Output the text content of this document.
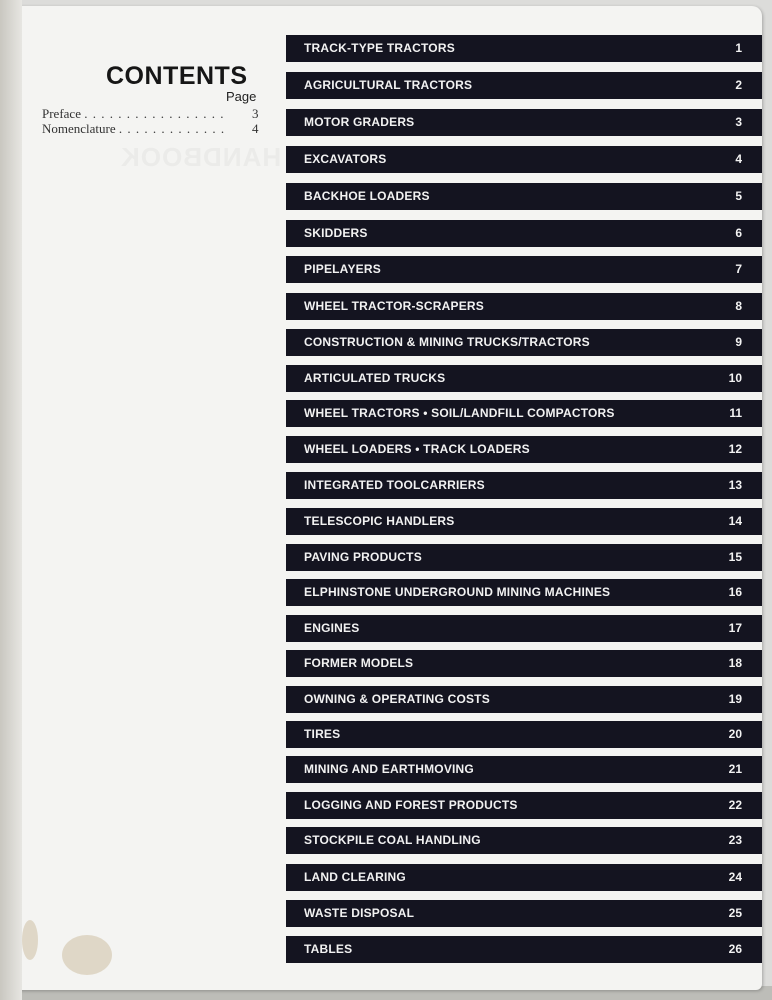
HANDBOOK
CONTENTS
Page
Preface . . . . . . . . . . . . . . . . . 3
Nomenclature . . . . . . . . . . . . . 4
TRACK-TYPE TRACTORS	1
AGRICULTURAL TRACTORS	2
MOTOR GRADERS	3
EXCAVATORS	4
BACKHOE LOADERS	5
SKIDDERS	6
PIPELAYERS	7
WHEEL TRACTOR-SCRAPERS	8
CONSTRUCTION & MINING TRUCKS/TRACTORS	9
ARTICULATED TRUCKS	10
WHEEL TRACTORS • SOIL/LANDFILL COMPACTORS	11
WHEEL LOADERS • TRACK LOADERS	12
INTEGRATED TOOLCARRIERS	13
TELESCOPIC HANDLERS	14
PAVING PRODUCTS	15
ELPHINSTONE UNDERGROUND MINING MACHINES	16
ENGINES	17
FORMER MODELS	18
OWNING & OPERATING COSTS	19
TIRES	20
MINING AND EARTHMOVING	21
LOGGING AND FOREST PRODUCTS	22
STOCKPILE COAL HANDLING	23
LAND CLEARING	24
WASTE DISPOSAL	25
TABLES	26
